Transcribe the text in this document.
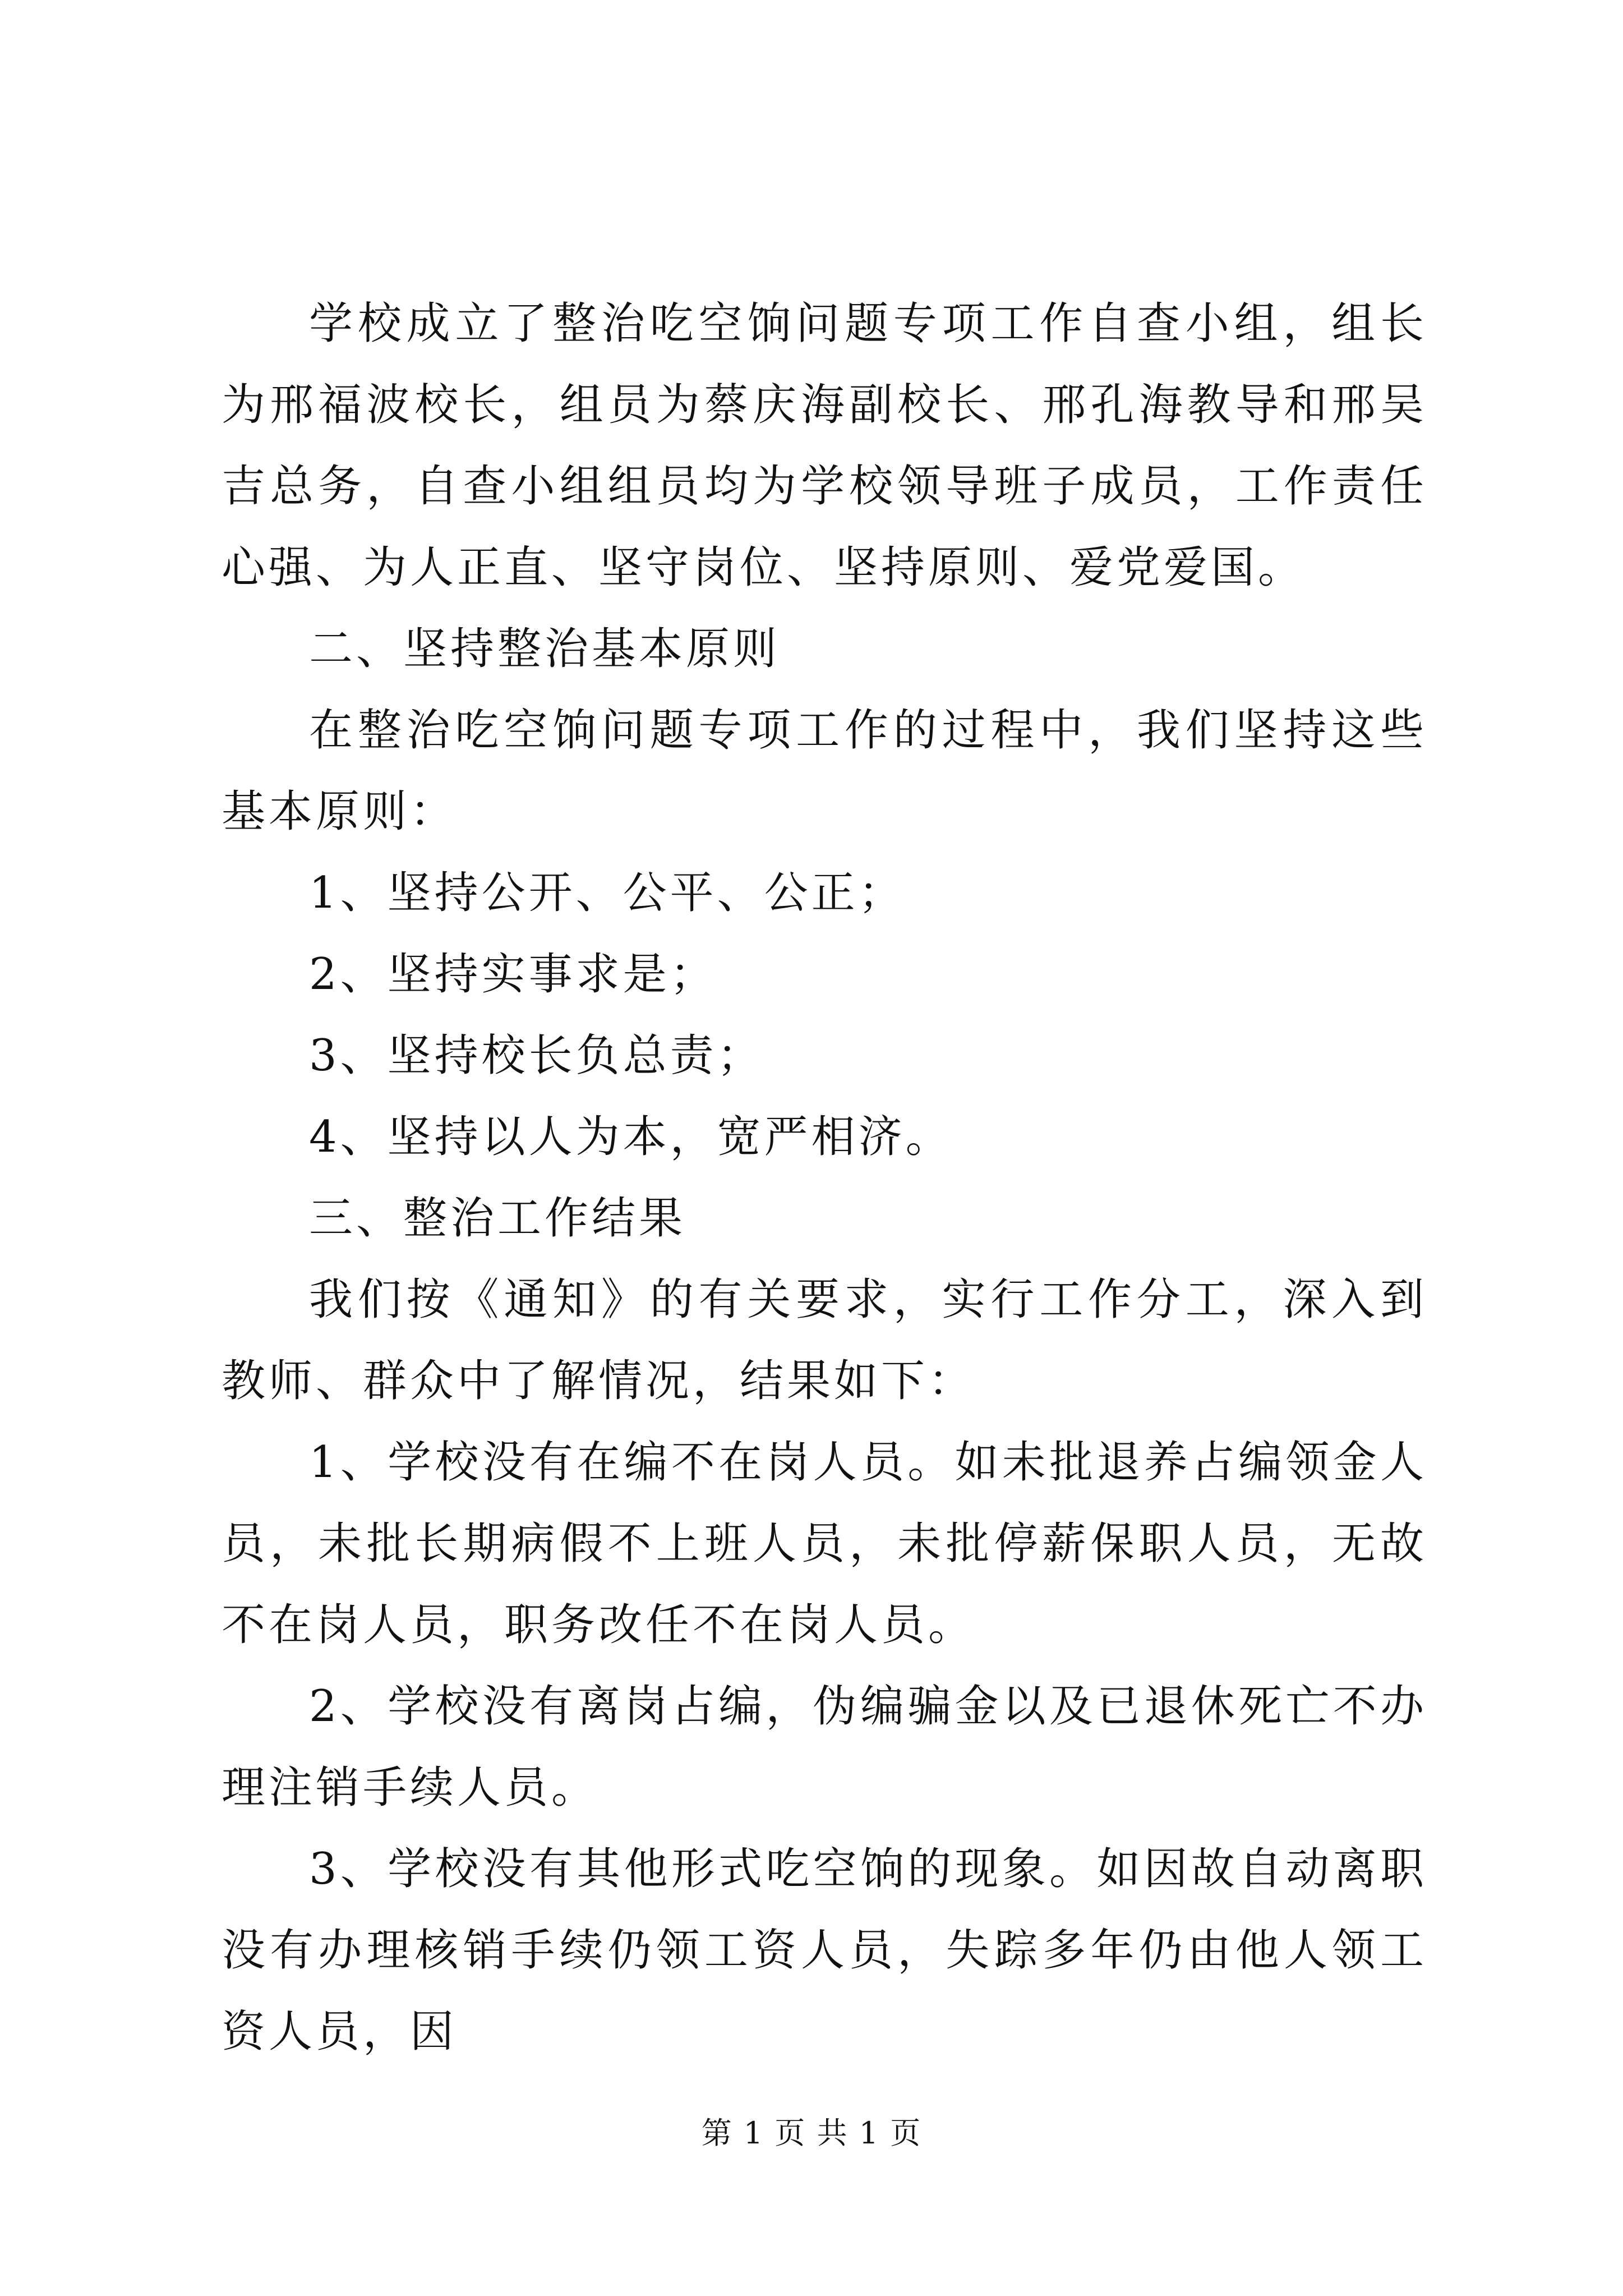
学校成立了整治吃空饷问题专项工作自查小组，组长为邢福波校长，组员为蔡庆海副校长、邢孔海教导和邢吴吉总务，自查小组组员均为学校领导班子成员，工作责任心强、为人正直、坚守岗位、坚持原则、爱党爱国。

二、坚持整治基本原则

在整治吃空饷问题专项工作的过程中，我们坚持这些基本原则：

1、坚持公开、公平、公正；

2、坚持实事求是；

3、坚持校长负总责；

4、坚持以人为本，宽严相济。

三、整治工作结果

我们按《通知》的有关要求，实行工作分工，深入到教师、群众中了解情况，结果如下：

1、学校没有在编不在岗人员。如未批退养占编领金人员，未批长期病假不上班人员，未批停薪保职人员，无故不在岗人员，职务改任不在岗人员。

2、学校没有离岗占编，伪编骗金以及已退休死亡不办理注销手续人员。

3、学校没有其他形式吃空饷的现象。如因故自动离职没有办理核销手续仍领工资人员，失踪多年仍由他人领工资人员，因

第 1 页 共 1 页
